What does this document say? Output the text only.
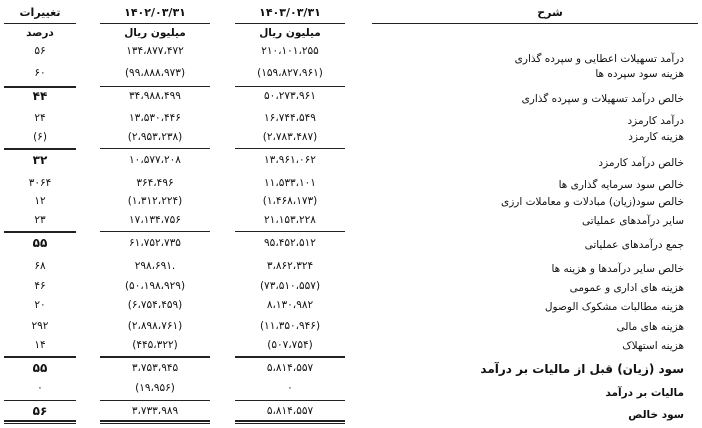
شرح
۱۴۰۳/۰۳/۳۱
۱۴۰۲/۰۳/۳۱
تغییرات
میلیون ریال
میلیون ریال
درصد
درآمد تسهیلات اعطایی و سپرده گذاری
۲۱۰،۱۰۱،۲۵۵
۱۳۴،۸۷۷،۴۷۲
۵۶
هزینه سود سپرده ها
(۱۵۹،۸۲۷،۹۶۱)
(۹۹،۸۸۸،۹۷۳)
۶۰
خالص درآمد تسهیلات و سپرده گذاری
۵۰،۲۷۳،۹۶۱
۳۴،۹۸۸،۴۹۹
۴۴
درآمد کارمزد
۱۶،۷۴۴،۵۴۹
۱۳،۵۳۰،۴۴۶
۲۴
هزینه کارمزد
(۲،۷۸۳،۴۸۷)
(۲،۹۵۳،۲۳۸)
(۶)
خالص درآمد کارمزد
۱۳،۹۶۱،۰۶۲
۱۰،۵۷۷،۲۰۸
۳۲
خالص سود سرمایه گذاری ها
۱۱،۵۳۳،۱۰۱
۳۶۴،۴۹۶
۳۰۶۴
خالص سود(زیان) مبادلات و معاملات ارزی
(۱،۴۶۸،۱۷۳)
(۱،۳۱۲،۲۲۴)
۱۲
سایر درآمدهای عملیاتی
۲۱،۱۵۳،۲۲۸
۱۷،۱۳۴،۷۵۶
۲۳
جمع درآمدهای عملیاتی
۹۵،۴۵۲،۵۱۲
۶۱،۷۵۲،۷۳۵
۵۵
خالص سایر درآمدها و هزینه ها
۳،۸۶۲،۳۲۴
۲۹۸،۶۹۱.
۶۸
هزینه های اداری و عمومی
(۷۳،۵۱۰،۵۵۷)
(۵۰،۱۹۸،۹۲۹)
۴۶
هزینه مطالبات مشکوک الوصول
۸،۱۳۰،۹۸۲
(۶،۷۵۴،۴۵۹)
۲۰
هزینه های مالی
(۱۱،۳۵۰،۹۴۶)
(۲،۸۹۸،۷۶۱)
۲۹۲
هزینه استهلاک
(۵۰۷،۷۵۴)
(۴۴۵،۳۲۲)
۱۴
سود (زیان) قبل از مالیات بر درآمد
۵،۸۱۴،۵۵۷
۳،۷۵۳،۹۴۵
۵۵
مالیات بر درآمد
۰
(۱۹،۹۵۶)
۰
سود خالص
۵،۸۱۴،۵۵۷
۳،۷۳۳،۹۸۹
۵۶
